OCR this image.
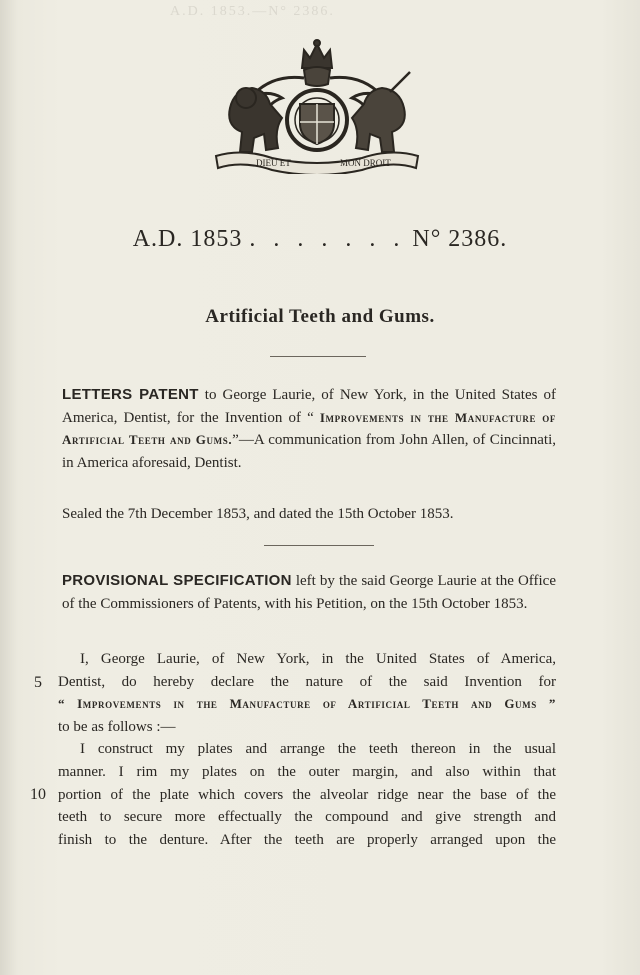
A.D. 1853.—N° 2386.
DIEU ET	MON DROIT
A.D. 1853 . . . . . . . N° 2386.
Artificial Teeth and Gums.

LETTERS PATENT to George Laurie, of New York, in the United States of America, Dentist, for the Invention of “ Improvements in the Manufacture of Artificial Teeth and Gums.”—A communication from John Allen, of Cincinnati, in America aforesaid, Dentist.

Sealed the 7th December 1853, and dated the 15th October 1853.

PROVISIONAL SPECIFICATION left by the said George Laurie at the Office of the Commissioners of Patents, with his Petition, on the 15th October 1853.

5
10
I, George Laurie, of New York, in the United States of America,
Dentist, do hereby declare the nature of the said Invention for
“ Improvements in the Manufacture of Artificial Teeth and Gums ”
to be as follows :—
I construct my plates and arrange the teeth thereon in the usual
manner. I rim my plates on the outer margin, and also within that
portion of the plate which covers the alveolar ridge near the base of the
teeth to secure more effectually the compound and give strength and
finish to the denture. After the teeth are properly arranged upon the
